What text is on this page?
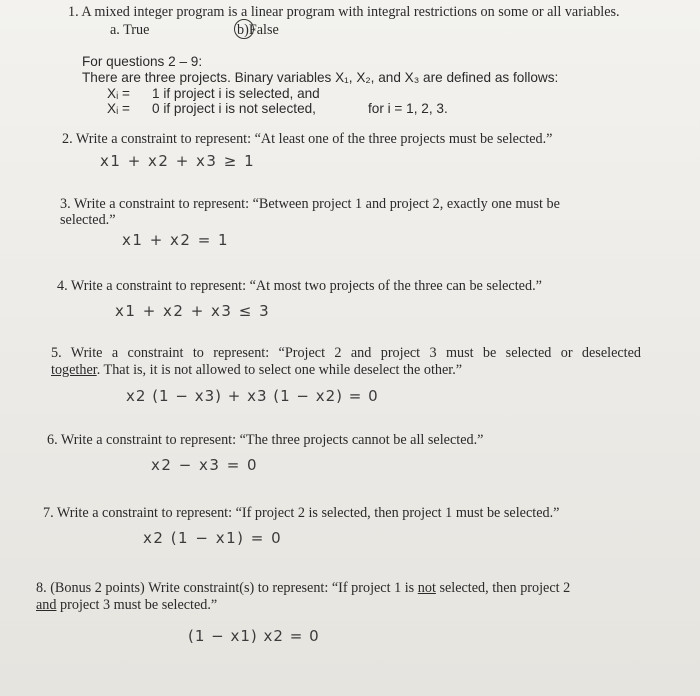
1. A mixed integer program is a linear program with integral restrictions on some or all variables.
a. True	b)False
For questions 2 – 9:
There are three projects. Binary variables X₁, X₂, and X₃ are defined as follows:
Xᵢ = 1 if project i is selected, and
Xᵢ = 0 if project i is not selected,	for i = 1, 2, 3.
2. Write a constraint to represent: “At least one of the three projects must be selected.”
x1 + x2 + x3 ≥ 1
3. Write a constraint to represent: “Between project 1 and project 2, exactly one must be
selected.”
x1 + x2 = 1
4. Write a constraint to represent: “At most two projects of the three can be selected.”
x1 + x2 + x3 ≤ 3
5. Write a constraint to represent: “Project 2 and project 3 must be selected or deselected
together. That is, it is not allowed to select one while deselect the other.”
x2 (1 − x3) + x3 (1 − x2) = 0
6. Write a constraint to represent: “The three projects cannot be all selected.”
x2 − x3 = 0
7. Write a constraint to represent: “If project 2 is selected, then project 1 must be selected.”
x2 (1 − x1) = 0
8. (Bonus 2 points) Write constraint(s) to represent: “If project 1 is not selected, then project 2
and project 3 must be selected.”
(1 − x1) x2 = 0
